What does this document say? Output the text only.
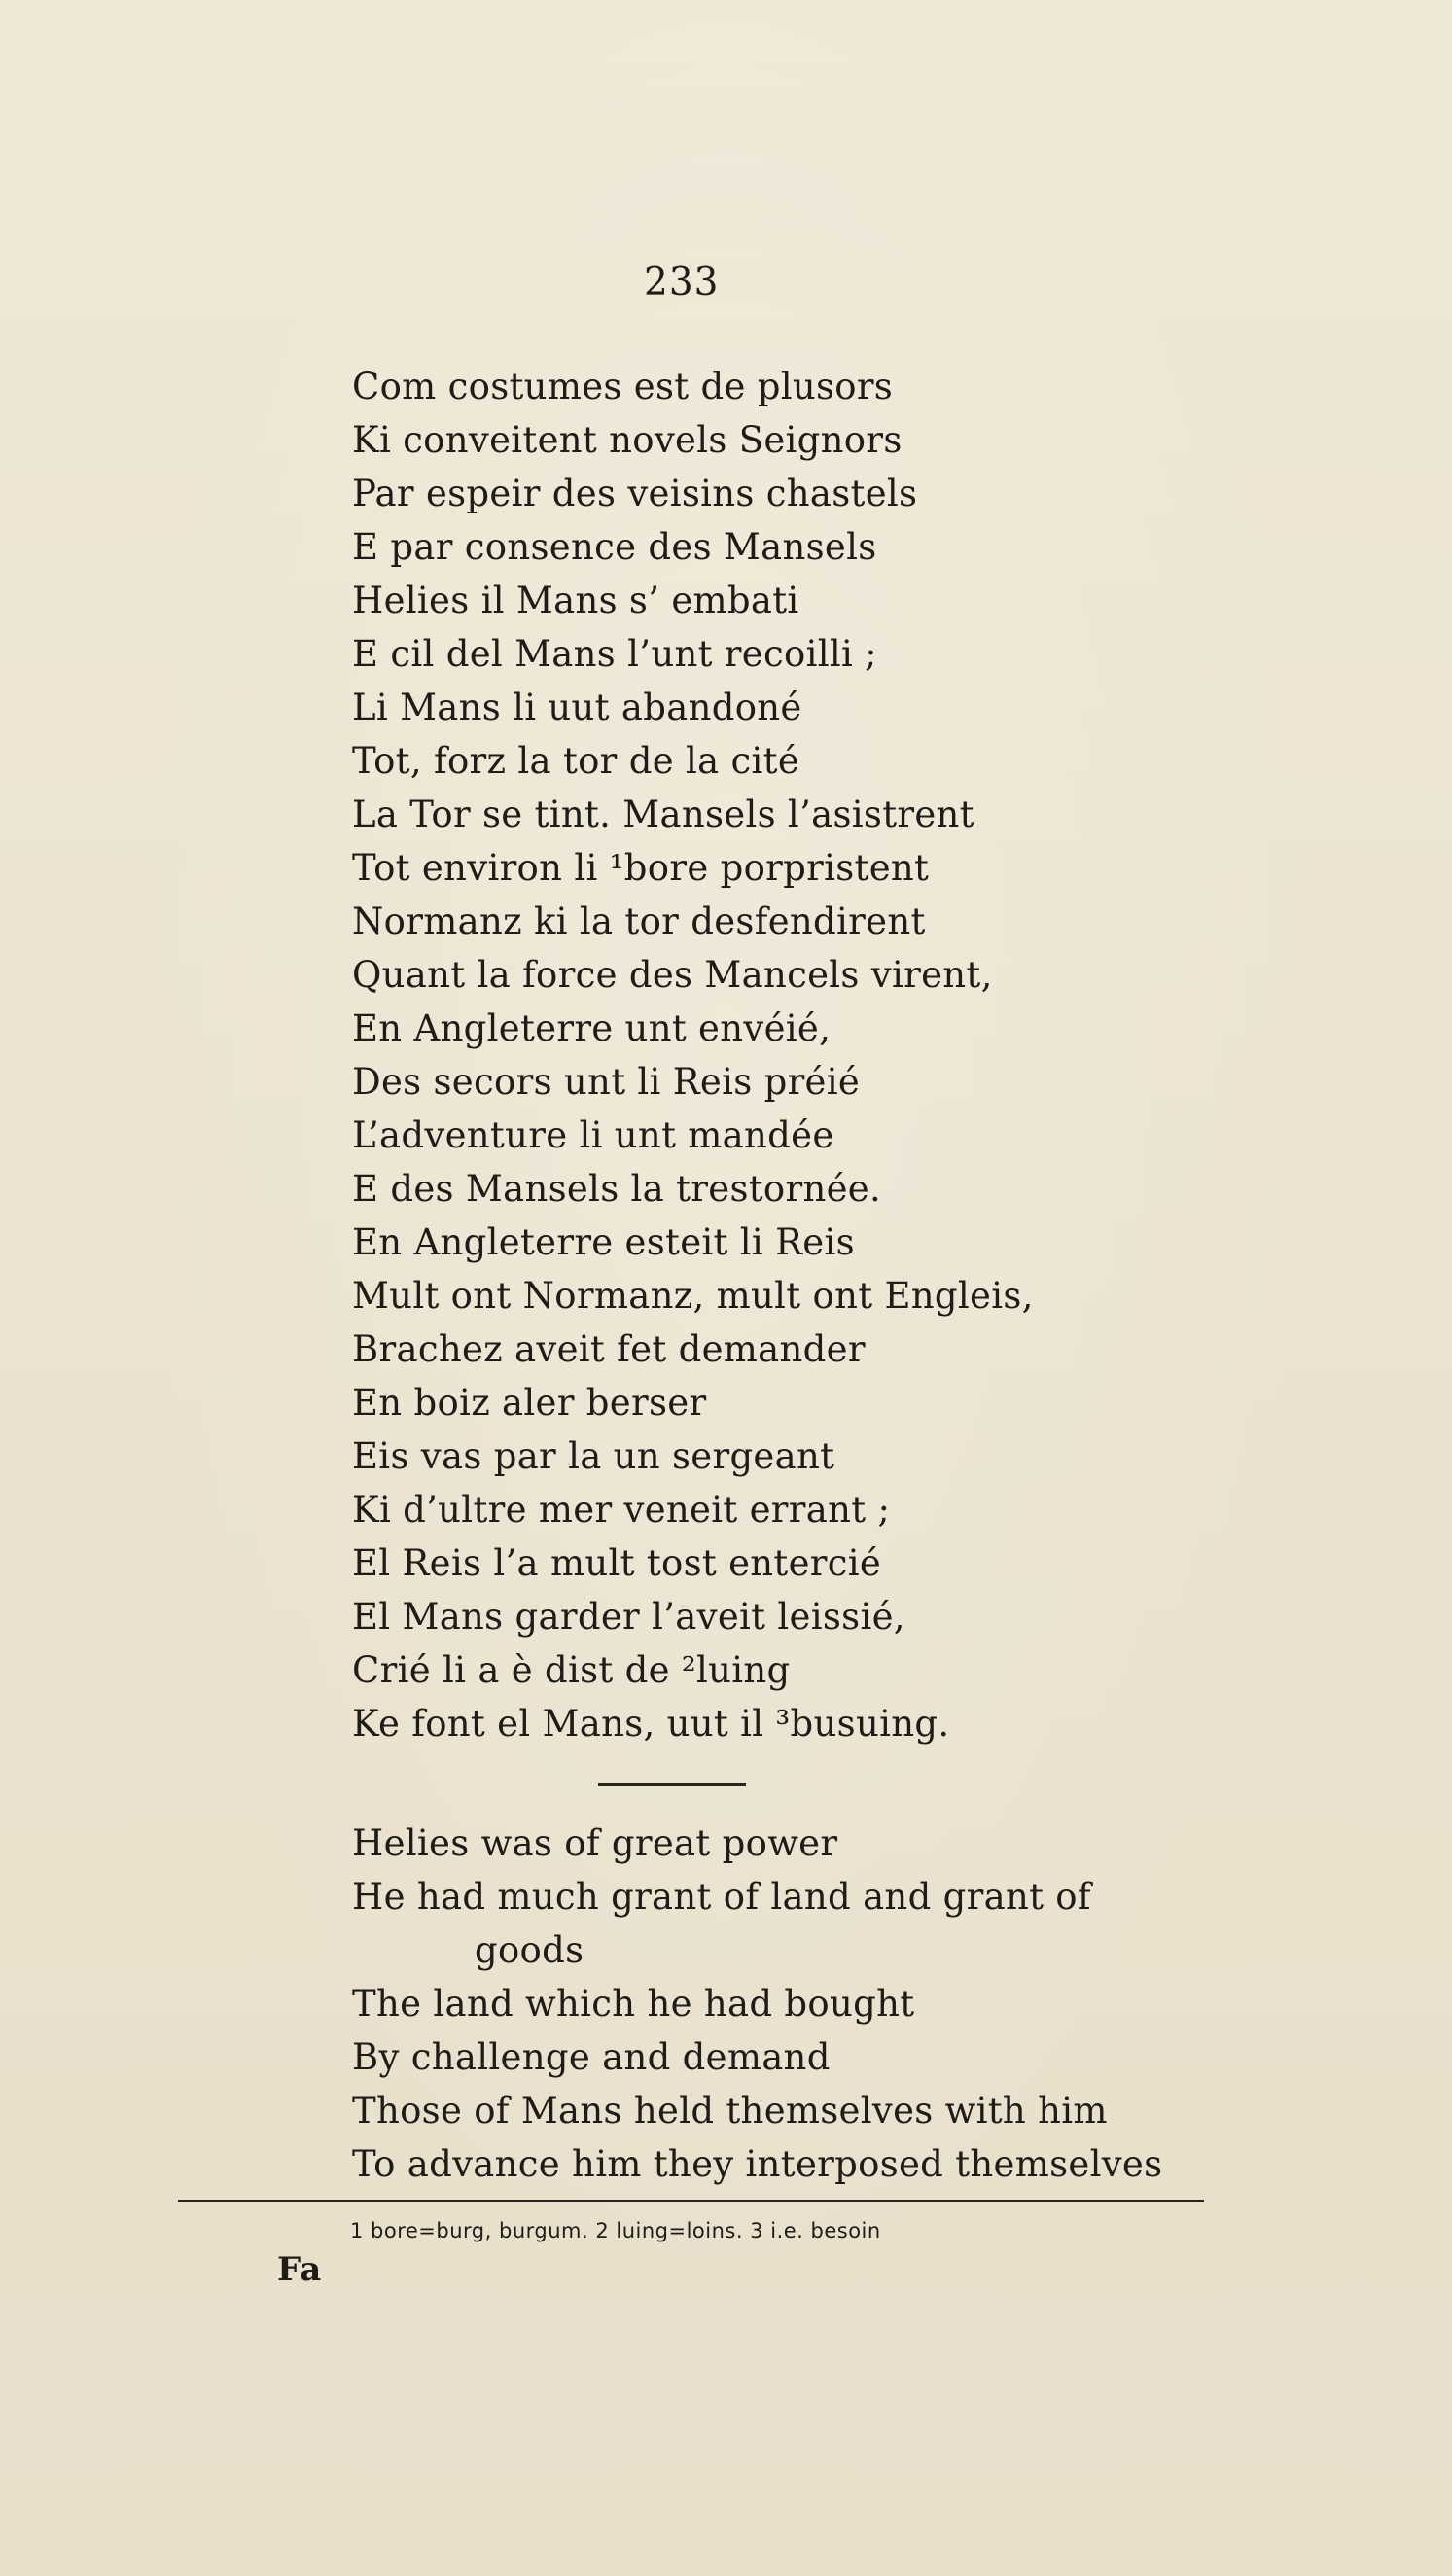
233
Com costumes est de plusors
Ki conveitent novels Seignors
Par espeir des veisins chastels
E par consence des Mansels
Helies il Mans s’ embati
E cil del Mans l’unt recoilli ;
Li Mans li uut abandoné
Tot, forz la tor de la cité
La Tor se tint. Mansels l’asistrent
Tot environ li ¹bore porpristent
Normanz ki la tor desfendirent
Quant la force des Mancels virent,
En Angleterre unt envéié,
Des secors unt li Reis préié
L’adventure li unt mandée
E des Mansels la trestornée.
En Angleterre esteit li Reis
Mult ont Normanz, mult ont Engleis,
Brachez aveit fet demander
En boiz aler berser
Eis vas par la un sergeant
Ki d’ultre mer veneit errant ;
El Reis l’a mult tost entercié
El Mans garder l’aveit leissié,
Crié li a è dist de ²luing
Ke font el Mans, uut il ³busuing.
Helies was of great power
He had much grant of land and grant of
goods
The land which he had bought
By challenge and demand
Those of Mans held themselves with him
To advance him they interposed themselves
1 bore=burg, burgum. 2 luing=loins. 3 i.e. besoin
Fa
